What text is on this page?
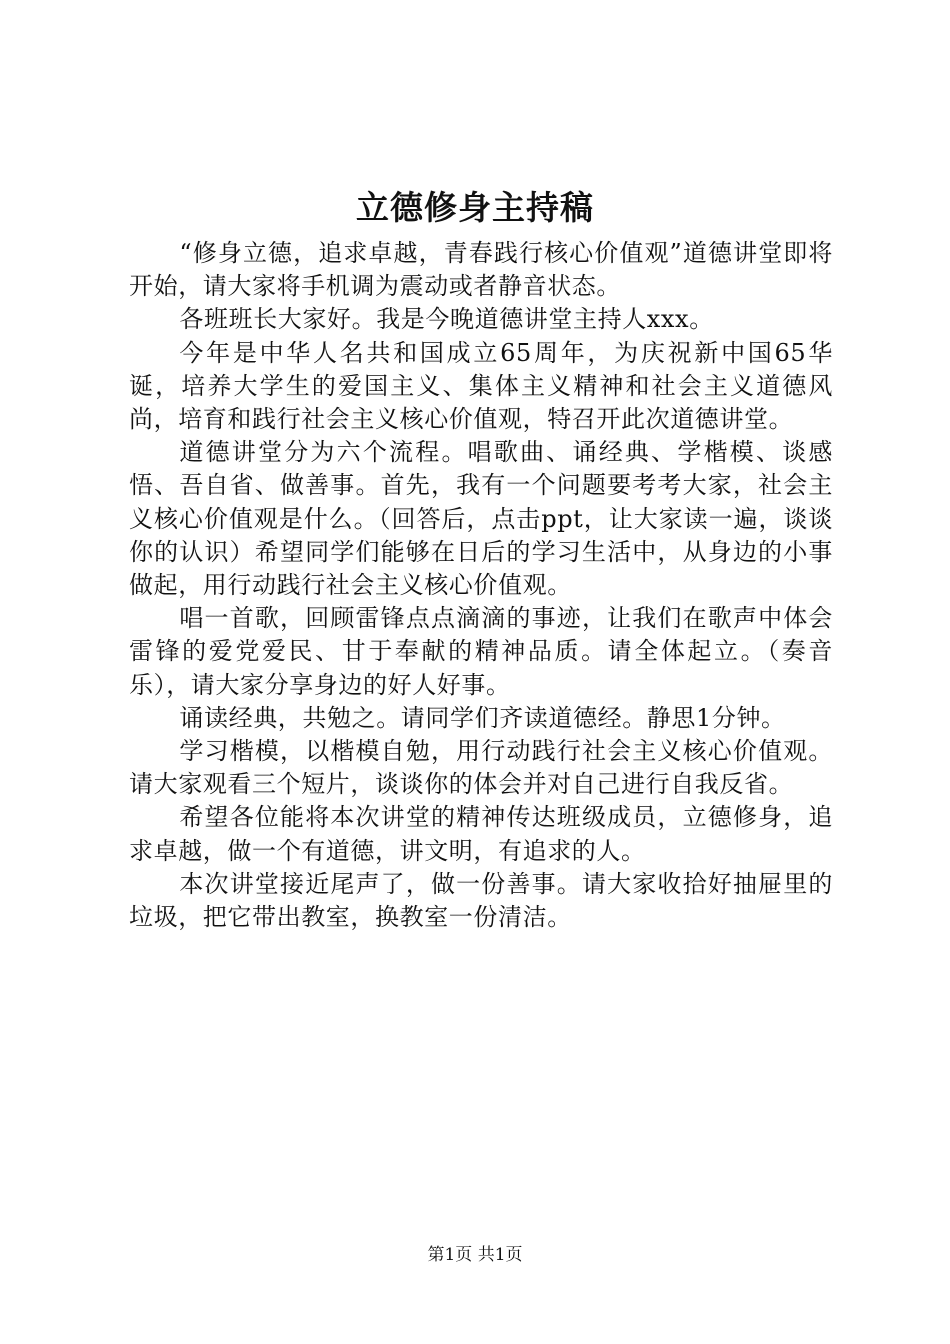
立德修身主持稿

“修身立德，追求卓越，青春践行核心价值观”道德讲堂即将开始，请大家将手机调为震动或者静音状态。

各班班长大家好。我是今晚道德讲堂主持人xxx。

今年是中华人名共和国成立65周年，为庆祝新中国65华诞，培养大学生的爱国主义、集体主义精神和社会主义道德风尚，培育和践行社会主义核心价值观，特召开此次道德讲堂。

道德讲堂分为六个流程。唱歌曲、诵经典、学楷模、谈感悟、吾自省、做善事。首先，我有一个问题要考考大家，社会主义核心价值观是什么。（回答后，点击ppt，让大家读一遍，谈谈你的认识）希望同学们能够在日后的学习生活中，从身边的小事做起，用行动践行社会主义核心价值观。

唱一首歌，回顾雷锋点点滴滴的事迹，让我们在歌声中体会雷锋的爱党爱民、甘于奉献的精神品质。请全体起立。（奏音乐），请大家分享身边的好人好事。

诵读经典，共勉之。请同学们齐读道德经。静思1分钟。

学习楷模，以楷模自勉，用行动践行社会主义核心价值观。请大家观看三个短片，谈谈你的体会并对自己进行自我反省。

希望各位能将本次讲堂的精神传达班级成员，立德修身，追求卓越，做一个有道德，讲文明，有追求的人。

本次讲堂接近尾声了，做一份善事。请大家收拾好抽屉里的垃圾，把它带出教室，换教室一份清洁。

第1页 共1页
